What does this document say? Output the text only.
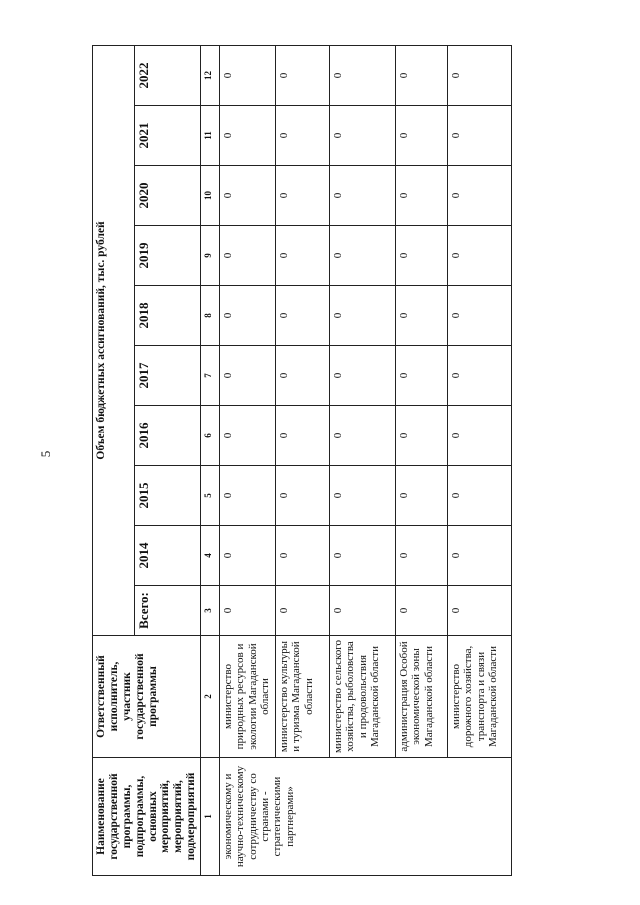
5
Наименование государственной программы, подпрограммы, основных мероприятий, мероприятий, подмероприятий	Ответственный исполнитель, участник государственной программы	Объем бюджетных ассигнований, тыс. рублей									
		Всего:	2014	2015	2016	2017	2018	2019	2020	2021	2022
1	2	3	4	5	6	7	8	9	10	11	12
экономическому и научно-техническому сотрудничеству со странами - стратегическими партнерами»	министерство природных ресурсов и экологии Магаданской области	0	0	0	0	0	0	0	0	0	0
	министерство культуры и туризма Магаданской области	0	0	0	0	0	0	0	0	0	0
	министерство сельского хозяйства, рыболовства и продовольствия Магаданской области	0	0	0	0	0	0	0	0	0	0
	администрация Особой экономической зоны Магаданской области	0	0	0	0	0	0	0	0	0	0
	министерство дорожного хозяйства, транспорта и связи Магаданской области	0	0	0	0	0	0	0	0	0	0
